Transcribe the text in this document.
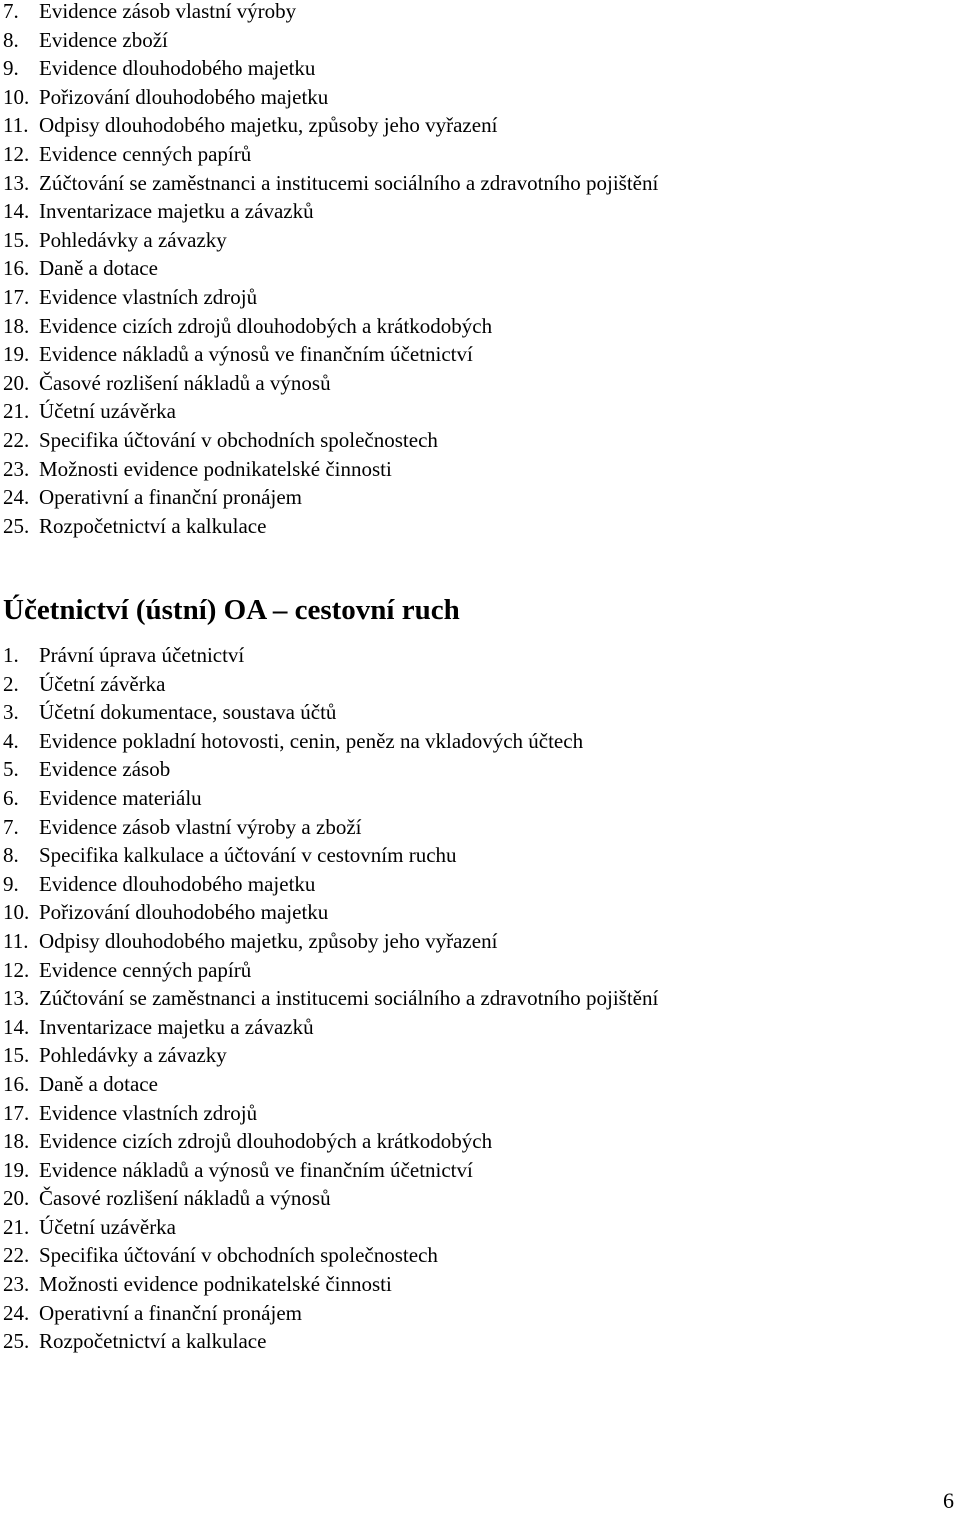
7. Evidence zásob vlastní výroby
8. Evidence zboží
9. Evidence dlouhodobého majetku
10. Pořizování dlouhodobého majetku
11. Odpisy dlouhodobého majetku, způsoby jeho vyřazení
12. Evidence cenných papírů
13. Zúčtování se zaměstnanci a institucemi sociálního a zdravotního pojištění
14. Inventarizace majetku a závazků
15. Pohledávky a závazky
16. Daně a dotace
17. Evidence vlastních zdrojů
18. Evidence cizích zdrojů dlouhodobých a krátkodobých
19. Evidence nákladů a výnosů ve finančním účetnictví
20. Časové rozlišení nákladů a výnosů
21. Účetní uzávěrka
22. Specifika účtování v obchodních společnostech
23. Možnosti evidence podnikatelské činnosti
24. Operativní a finanční pronájem
25. Rozpočetnictví a kalkulace
Účetnictví (ústní) OA – cestovní ruch
1. Právní úprava účetnictví
2. Účetní závěrka
3. Účetní dokumentace, soustava účtů
4. Evidence pokladní hotovosti, cenin, peněz na vkladových účtech
5. Evidence zásob
6. Evidence materiálu
7. Evidence zásob vlastní výroby a zboží
8. Specifika kalkulace a účtování v cestovním ruchu
9. Evidence dlouhodobého majetku
10. Pořizování dlouhodobého majetku
11. Odpisy dlouhodobého majetku, způsoby jeho vyřazení
12. Evidence cenných papírů
13. Zúčtování se zaměstnanci a institucemi sociálního a zdravotního pojištění
14. Inventarizace majetku a závazků
15. Pohledávky a závazky
16. Daně a dotace
17. Evidence vlastních zdrojů
18. Evidence cizích zdrojů dlouhodobých a krátkodobých
19. Evidence nákladů a výnosů ve finančním účetnictví
20. Časové rozlišení nákladů a výnosů
21. Účetní uzávěrka
22. Specifika účtování v obchodních společnostech
23. Možnosti evidence podnikatelské činnosti
24. Operativní a finanční pronájem
25. Rozpočetnictví a kalkulace
6
